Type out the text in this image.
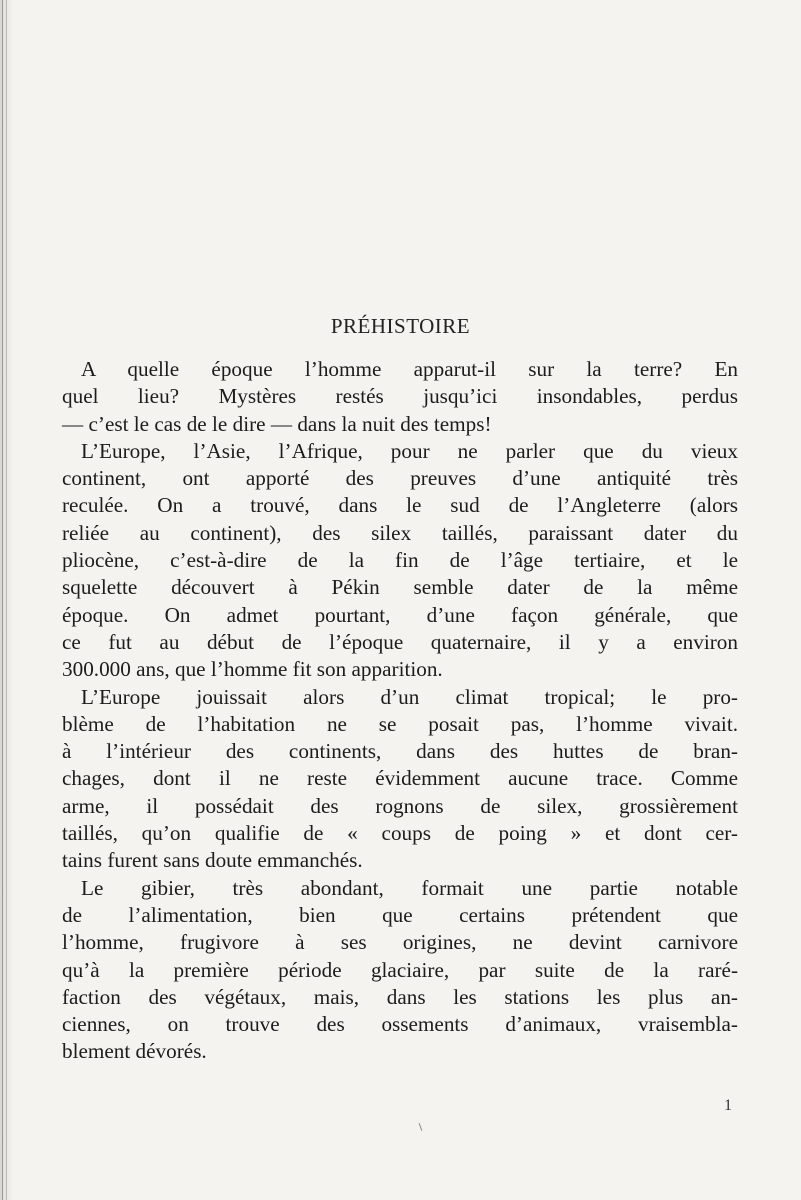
PRÉHISTOIRE
A quelle époque l’homme apparut-il sur la terre? En
quel lieu? Mystères restés jusqu’ici insondables, perdus
— c’est le cas de le dire — dans la nuit des temps!
L’Europe, l’Asie, l’Afrique, pour ne parler que du vieux
continent, ont apporté des preuves d’une antiquité très
reculée. On a trouvé, dans le sud de l’Angleterre (alors
reliée au continent), des silex taillés, paraissant dater du
pliocène, c’est-à-dire de la fin de l’âge tertiaire, et le
squelette découvert à Pékin semble dater de la même
époque. On admet pourtant, d’une façon générale, que
ce fut au début de l’époque quaternaire, il y a environ
300.000 ans, que l’homme fit son apparition.
L’Europe jouissait alors d’un climat tropical; le pro-
blème de l’habitation ne se posait pas, l’homme vivait.
à l’intérieur des continents, dans des huttes de bran-
chages, dont il ne reste évidemment aucune trace. Comme
arme, il possédait des rognons de silex, grossièrement
taillés, qu’on qualifie de « coups de poing » et dont cer-
tains furent sans doute emmanchés.
Le gibier, très abondant, formait une partie notable
de l’alimentation, bien que certains prétendent que
l’homme, frugivore à ses origines, ne devint carnivore
qu’à la première période glaciaire, par suite de la raré-
faction des végétaux, mais, dans les stations les plus an-
ciennes, on trouve des ossements d’animaux, vraisembla-
blement dévorés.
1
